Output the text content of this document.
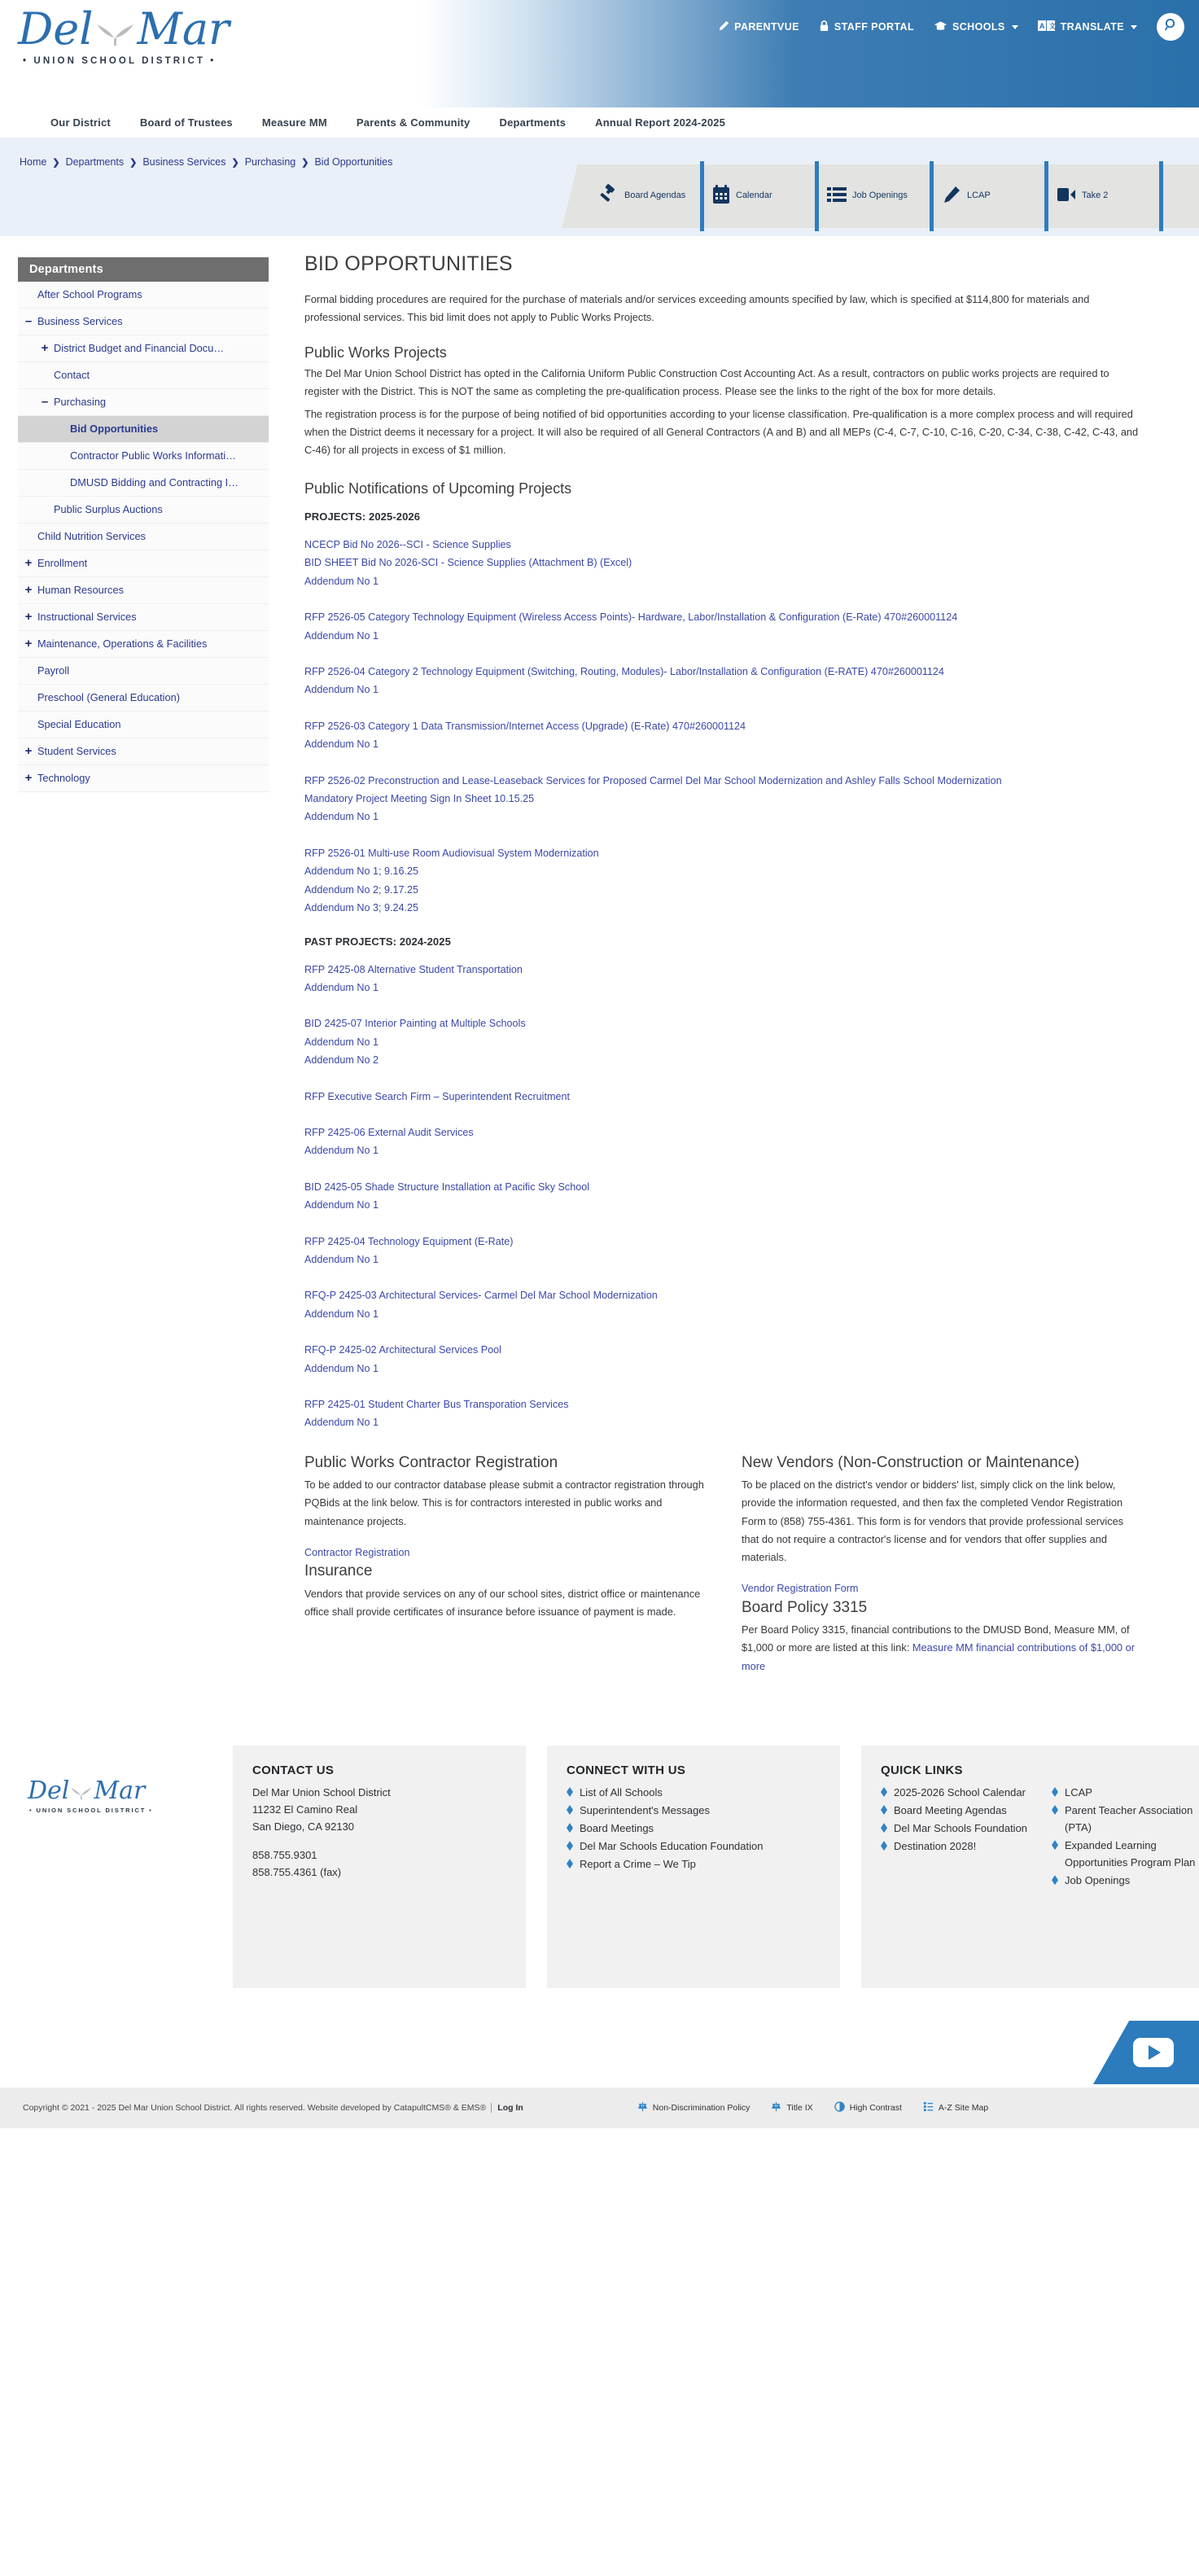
Del Mar
• UNION SCHOOL DISTRICT •
PARENTVUE	STAFF PORTAL	SCHOOLS	A 文 TRANSLATE
Our District	Board of Trustees	Measure MM	Parents & Community	Departments	Annual Report 2024-2025
Home ❯ Departments ❯ Business Services ❯ Purchasing ❯ Bid Opportunities
Board Agendas	Calendar	Job Openings	LCAP	Take 2
Departments
After School Programs
– Business Services
+ District Budget and Financial Docu…
Contact
– Purchasing
Bid Opportunities
Contractor Public Works Informati…
DMUSD Bidding and Contracting I…
Public Surplus Auctions
Child Nutrition Services
+ Enrollment
+ Human Resources
+ Instructional Services
+ Maintenance, Operations & Facilities
Payroll
Preschool (General Education)
Special Education
+ Student Services
+ Technology
BID OPPORTUNITIES

Formal bidding procedures are required for the purchase of materials and/or services exceeding amounts specified by law, which is specified at $114,800 for materials and professional services. This bid limit does not apply to Public Works Projects.

Public Works Projects

The Del Mar Union School District has opted in the California Uniform Public Construction Cost Accounting Act. As a result, contractors on public works projects are required to register with the District. This is NOT the same as completing the pre-qualification process. Please see the links to the right of the box for more details.

The registration process is for the purpose of being notified of bid opportunities according to your license classification. Pre-qualification is a more complex process and will required when the District deems it necessary for a project. It will also be required of all General Contractors (A and B) and all MEPs (C-4, C-7, C-10, C-16, C-20, C-34, C-38, C-42, C-43, and C-46) for all projects in excess of $1 million.

Public Notifications of Upcoming Projects
PROJECTS: 2025-2026
NCECP Bid No 2026--SCI - Science Supplies
BID SHEET Bid No 2026-SCI - Science Supplies (Attachment B) (Excel)
Addendum No 1
RFP 2526-05 Category Technology Equipment (Wireless Access Points)- Hardware, Labor/Installation & Configuration (E-Rate) 470#260001124
Addendum No 1
RFP 2526-04 Category 2 Technology Equipment (Switching, Routing, Modules)- Labor/Installation & Configuration (E-RATE) 470#260001124
Addendum No 1
RFP 2526-03 Category 1 Data Transmission/Internet Access (Upgrade) (E-Rate) 470#260001124
Addendum No 1
RFP 2526-02 Preconstruction and Lease-Leaseback Services for Proposed Carmel Del Mar School Modernization and Ashley Falls School Modernization
Mandatory Project Meeting Sign In Sheet 10.15.25
Addendum No 1
RFP 2526-01 Multi-use Room Audiovisual System Modernization
Addendum No 1; 9.16.25
Addendum No 2; 9.17.25
Addendum No 3; 9.24.25
PAST PROJECTS: 2024-2025
RFP 2425-08 Alternative Student Transportation
Addendum No 1
BID 2425-07 Interior Painting at Multiple Schools
Addendum No 1
Addendum No 2
RFP Executive Search Firm – Superintendent Recruitment
RFP 2425-06 External Audit Services
Addendum No 1
BID 2425-05 Shade Structure Installation at Pacific Sky School
Addendum No 1
RFP 2425-04 Technology Equipment (E-Rate)
Addendum No 1
RFQ-P 2425-03 Architectural Services- Carmel Del Mar School Modernization
Addendum No 1
RFQ-P 2425-02 Architectural Services Pool
Addendum No 1
RFP 2425-01 Student Charter Bus Transporation Services
Addendum No 1
Public Works Contractor Registration

To be added to our contractor database please submit a contractor registration through PQBids at the link below. This is for contractors interested in public works and maintenance projects.

Contractor Registration
Insurance

Vendors that provide services on any of our school sites, district office or maintenance office shall provide certificates of insurance before issuance of payment is made.

New Vendors (Non-Construction or Maintenance)

To be placed on the district's vendor or bidders' list, simply click on the link below, provide the information requested, and then fax the completed Vendor Registration Form to (858) 755-4361. This form is for vendors that provide professional services that do not require a contractor's license and for vendors that offer supplies and materials.

Vendor Registration Form
Board Policy 3315

Per Board Policy 3315, financial contributions to the DMUSD Bond, Measure MM, of $1,000 or more are listed at this link: Measure MM financial contributions of $1,000 or more

Del Mar
• UNION SCHOOL DISTRICT •
CONTACT US
Del Mar Union School District
11232 El Camino Real
San Diego, CA 92130
858.755.9301
858.755.4361 (fax)
CONNECT WITH US
List of All Schools
Superintendent's Messages
Board Meetings
Del Mar Schools Education Foundation
Report a Crime – We Tip
QUICK LINKS
2025-2026 School Calendar
Board Meeting Agendas
Del Mar Schools Foundation
Destination 2028!
LCAP
Parent Teacher Association (PTA)
Expanded Learning Opportunities Program Plan
Job Openings
Copyright © 2021 - 2025 Del Mar Union School District. All rights reserved. Website developed by CatapultCMS® & EMS® Log In	Non-Discrimination Policy	Title IX	High Contrast	A-Z Site Map
